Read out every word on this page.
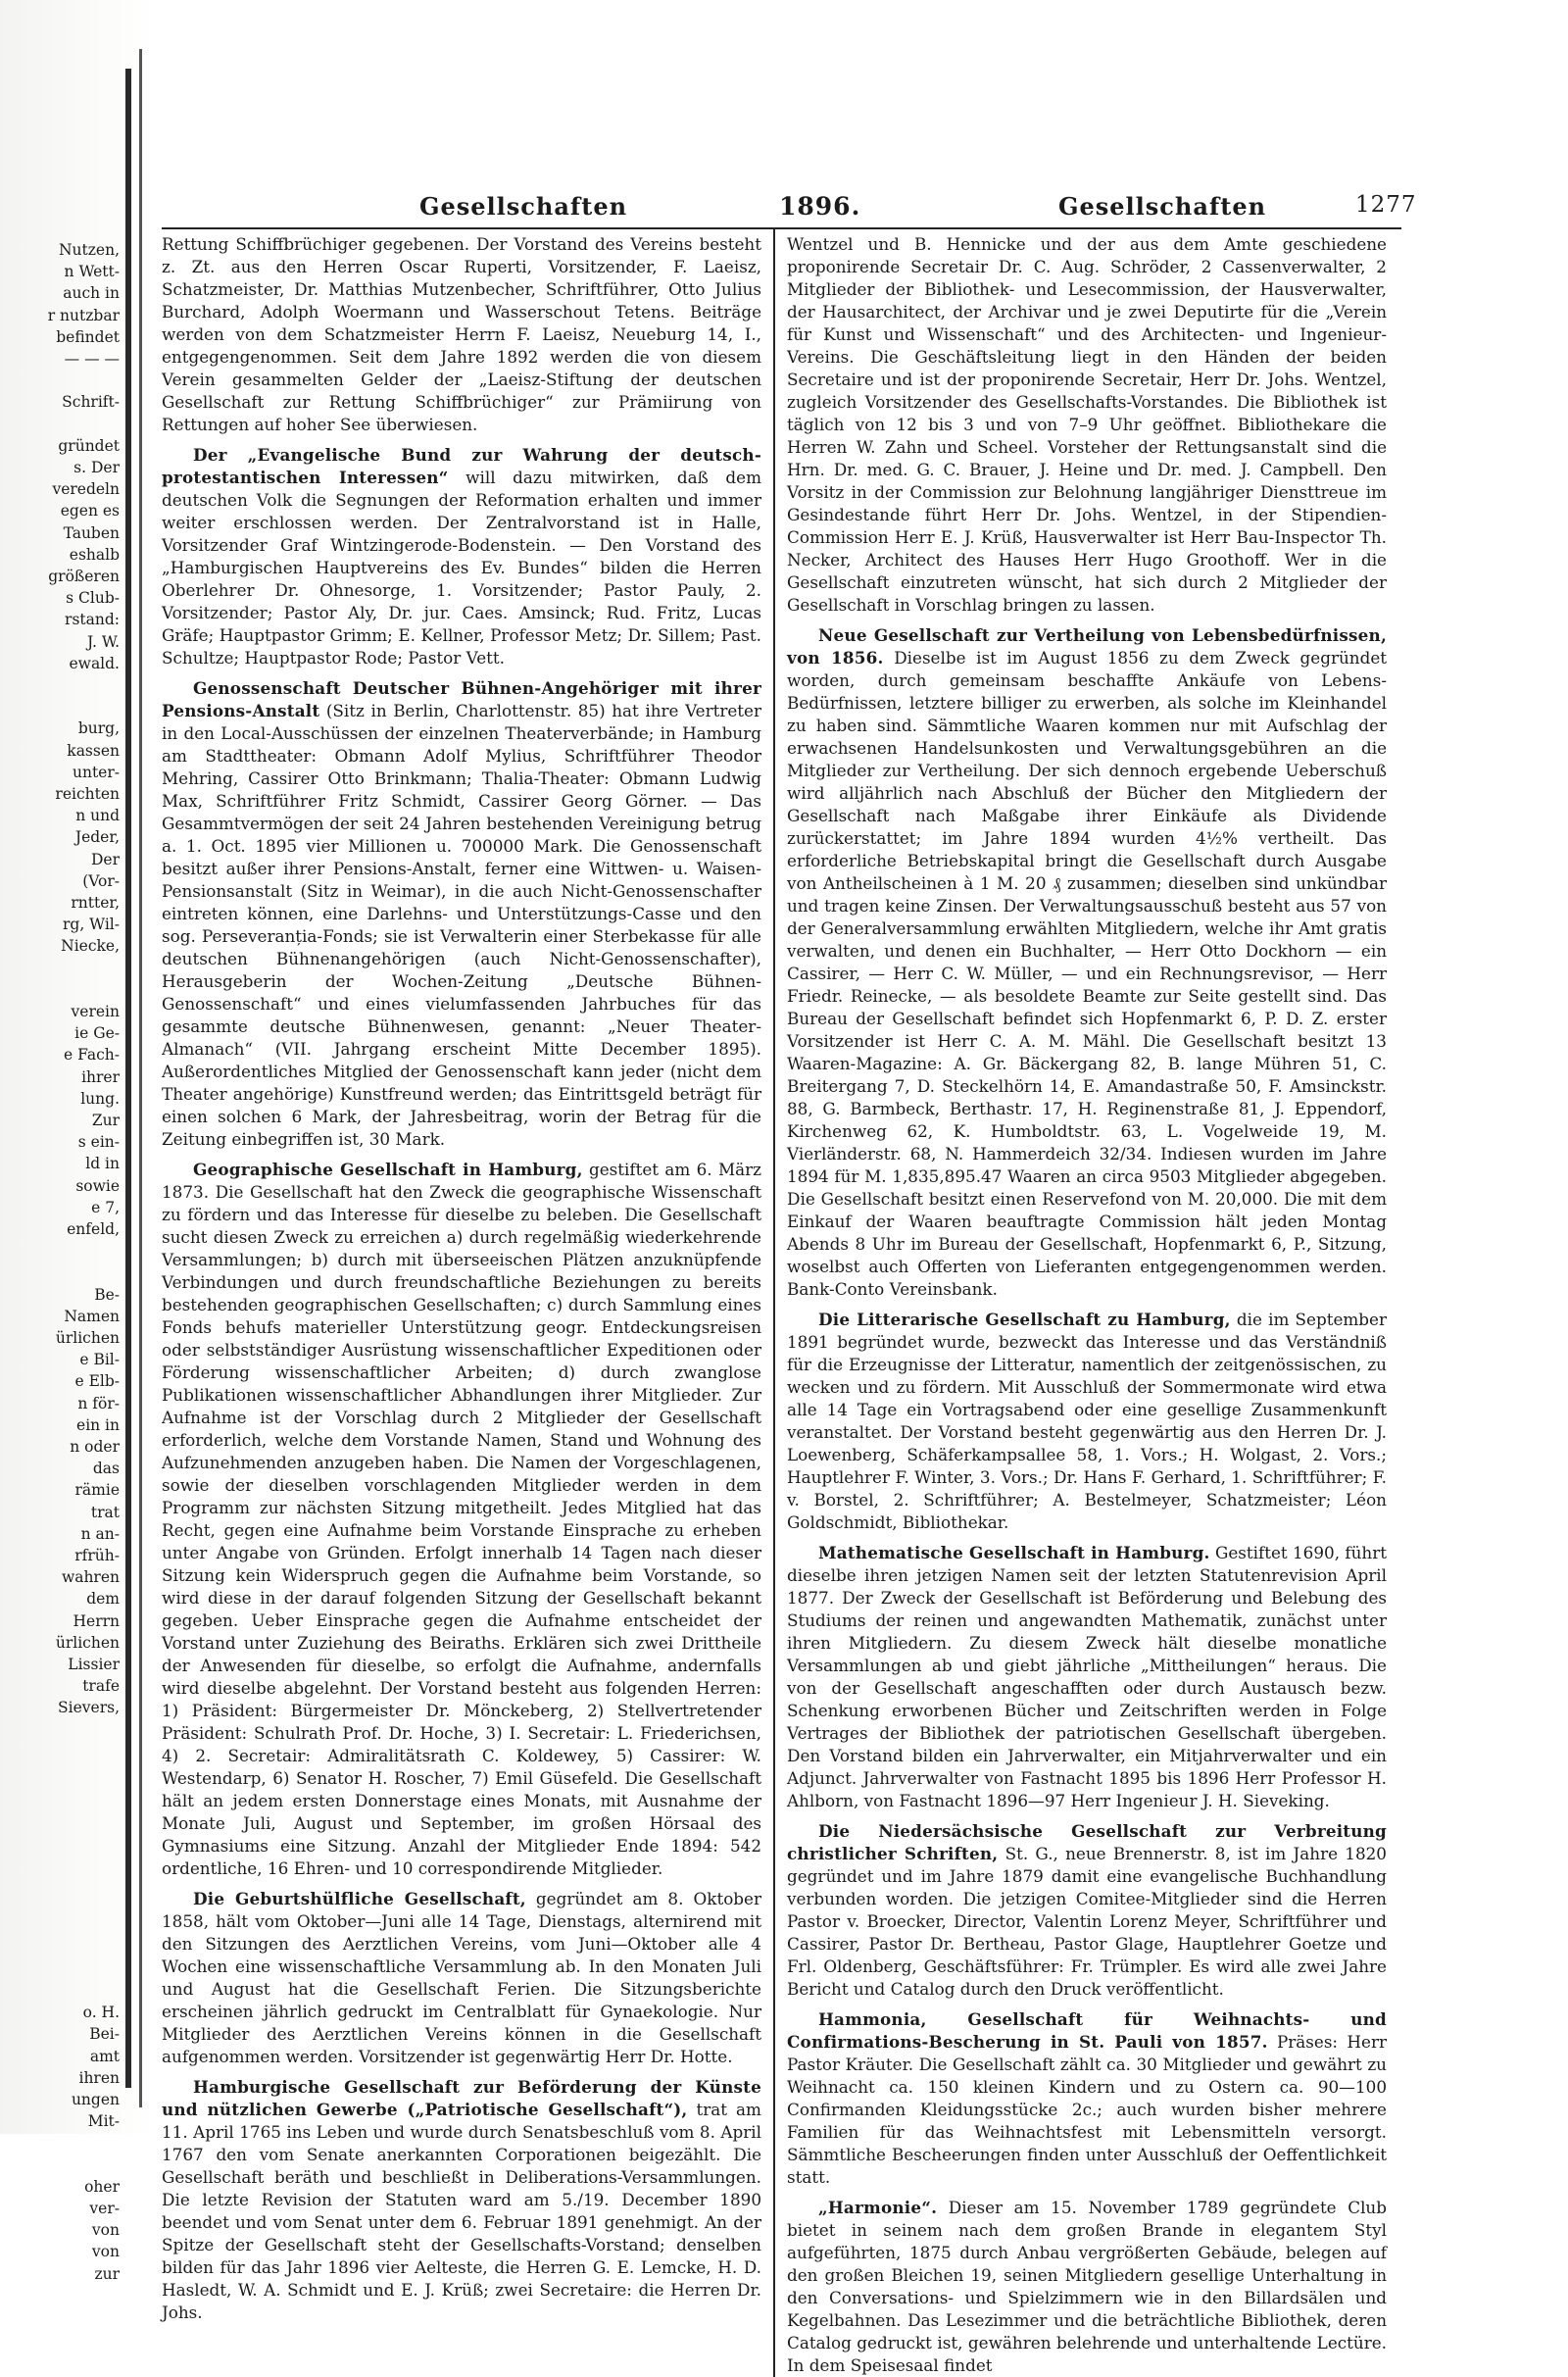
Nutzen,
n Wett-
auch in
r nutzbar
befindet
— — —
Schrift-
gründet
s. Der
veredeln
egen es
Tauben
eshalb
größeren
s Club-
rstand:
J. W.
ewald.
burg,
kassen
unter-
reichten
n und
Jeder,
Der
(Vor-
rntter,
rg, Wil-
Niecke,
verein
ie Ge-
e Fach-
ihrer
lung.
Zur
s ein-
ld in
sowie
e 7,
enfeld,
Be-
Namen
ürlichen
e Bil-
e Elb-
n för-
ein in
n oder
das
rämie
trat
n an-
rfrüh-
wahren
dem
Herrn
ürlichen
Lissier
trafe
Sievers,
o. H.
Bei-
amt
ihren
ungen
Mit-
oher
ver-
von
von
zur
Gesellschaften	1896.	Gesellschaften	1277

Rettung Schiffbrüchiger gegebenen. Der Vorstand des Vereins besteht z. Zt. aus den Herren Oscar Ruperti, Vorsitzender, F. Laeisz, Schatzmeister, Dr. Matthias Mutzenbecher, Schriftführer, Otto Julius Burchard, Adolph Woermann und Wasserschout Tetens. Beiträge werden von dem Schatzmeister Herrn F. Laeisz, Neueburg 14, I., entgegengenommen. Seit dem Jahre 1892 werden die von diesem Verein gesammelten Gelder der „Laeisz-Stiftung der deutschen Gesellschaft zur Rettung Schiffbrüchiger“ zur Prämiirung von Rettungen auf hoher See überwiesen.

Der „Evangelische Bund zur Wahrung der deutsch-protestantischen Interessen“ will dazu mitwirken, daß dem deutschen Volk die Segnungen der Reformation erhalten und immer weiter erschlossen werden. Der Zentralvorstand ist in Halle, Vorsitzender Graf Wintzingerode-Bodenstein. — Den Vorstand des „Hamburgischen Hauptvereins des Ev. Bundes“ bilden die Herren Oberlehrer Dr. Ohnesorge, 1. Vorsitzender; Pastor Pauly, 2. Vorsitzender; Pastor Aly, Dr. jur. Caes. Amsinck; Rud. Fritz, Lucas Gräfe; Hauptpastor Grimm; E. Kellner, Professor Metz; Dr. Sillem; Past. Schultze; Hauptpastor Rode; Pastor Vett.

Genossenschaft Deutscher Bühnen-Angehöriger mit ihrer Pensions-Anstalt (Sitz in Berlin, Charlottenstr. 85) hat ihre Vertreter in den Local-Ausschüssen der einzelnen Theaterverbände; in Hamburg am Stadttheater: Obmann Adolf Mylius, Schriftführer Theodor Mehring, Cassirer Otto Brinkmann; Thalia-Theater: Obmann Ludwig Max, Schriftführer Fritz Schmidt, Cassirer Georg Görner. — Das Gesammtvermögen der seit 24 Jahren bestehenden Vereinigung betrug a. 1. Oct. 1895 vier Millionen u. 700000 Mark. Die Genossenschaft besitzt außer ihrer Pensions-Anstalt, ferner eine Wittwen- u. Waisen-Pensionsanstalt (Sitz in Weimar), in die auch Nicht-Genossenschafter eintreten können, eine Darlehns- und Unterstützungs-Casse und den sog. Perseveranția-Fonds; sie ist Verwalterin einer Sterbekasse für alle deutschen Bühnenangehörigen (auch Nicht-Genossenschafter), Herausgeberin der Wochen-Zeitung „Deutsche Bühnen-Genossenschaft“ und eines vielumfassenden Jahrbuches für das gesammte deutsche Bühnenwesen, genannt: „Neuer Theater-Almanach“ (VII. Jahrgang erscheint Mitte December 1895). Außerordentliches Mitglied der Genossenschaft kann jeder (nicht dem Theater angehörige) Kunstfreund werden; das Eintrittsgeld beträgt für einen solchen 6 Mark, der Jahresbeitrag, worin der Betrag für die Zeitung einbegriffen ist, 30 Mark.

Geographische Gesellschaft in Hamburg, gestiftet am 6. März 1873. Die Gesellschaft hat den Zweck die geographische Wissenschaft zu fördern und das Interesse für dieselbe zu beleben. Die Gesellschaft sucht diesen Zweck zu erreichen a) durch regelmäßig wiederkehrende Versammlungen; b) durch mit überseeischen Plätzen anzuknüpfende Verbindungen und durch freundschaftliche Beziehungen zu bereits bestehenden geographischen Gesellschaften; c) durch Sammlung eines Fonds behufs materieller Unterstützung geogr. Entdeckungsreisen oder selbstständiger Ausrüstung wissenschaftlicher Expeditionen oder Förderung wissenschaftlicher Arbeiten; d) durch zwanglose Publikationen wissenschaftlicher Abhandlungen ihrer Mitglieder. Zur Aufnahme ist der Vorschlag durch 2 Mitglieder der Gesellschaft erforderlich, welche dem Vorstande Namen, Stand und Wohnung des Aufzunehmenden anzugeben haben. Die Namen der Vorgeschlagenen, sowie der dieselben vorschlagenden Mitglieder werden in dem Programm zur nächsten Sitzung mitgetheilt. Jedes Mitglied hat das Recht, gegen eine Aufnahme beim Vorstande Einsprache zu erheben unter Angabe von Gründen. Erfolgt innerhalb 14 Tagen nach dieser Sitzung kein Widerspruch gegen die Aufnahme beim Vorstande, so wird diese in der darauf folgenden Sitzung der Gesellschaft bekannt gegeben. Ueber Einsprache gegen die Aufnahme entscheidet der Vorstand unter Zuziehung des Beiraths. Erklären sich zwei Drittheile der Anwesenden für dieselbe, so erfolgt die Aufnahme, andernfalls wird dieselbe abgelehnt. Der Vorstand besteht aus folgenden Herren: 1) Präsident: Bürgermeister Dr. Mönckeberg, 2) Stellvertretender Präsident: Schulrath Prof. Dr. Hoche, 3) I. Secretair: L. Friederichsen, 4) 2. Secretair: Admiralitätsrath C. Koldewey, 5) Cassirer: W. Westendarp, 6) Senator H. Roscher, 7) Emil Güsefeld. Die Gesellschaft hält an jedem ersten Donnerstage eines Monats, mit Ausnahme der Monate Juli, August und September, im großen Hörsaal des Gymnasiums eine Sitzung. Anzahl der Mitglieder Ende 1894: 542 ordentliche, 16 Ehren- und 10 correspondirende Mitglieder.

Die Geburtshülfliche Gesellschaft, gegründet am 8. Oktober 1858, hält vom Oktober—Juni alle 14 Tage, Dienstags, alternirend mit den Sitzungen des Aerztlichen Vereins, vom Juni—Oktober alle 4 Wochen eine wissenschaftliche Versammlung ab. In den Monaten Juli und August hat die Gesellschaft Ferien. Die Sitzungsberichte erscheinen jährlich gedruckt im Centralblatt für Gynaekologie. Nur Mitglieder des Aerztlichen Vereins können in die Gesellschaft aufgenommen werden. Vorsitzender ist gegenwärtig Herr Dr. Hotte.

Hamburgische Gesellschaft zur Beförderung der Künste und nützlichen Gewerbe („Patriotische Gesellschaft“), trat am 11. April 1765 ins Leben und wurde durch Senatsbeschluß vom 8. April 1767 den vom Senate anerkannten Corporationen beigezählt. Die Gesellschaft beräth und beschließt in Deliberations-Versammlungen. Die letzte Revision der Statuten ward am 5./19. December 1890 beendet und vom Senat unter dem 6. Februar 1891 genehmigt. An der Spitze der Gesellschaft steht der Gesellschafts-Vorstand; denselben bilden für das Jahr 1896 vier Aelteste, die Herren G. E. Lemcke, H. D. Hasledt, W. A. Schmidt und E. J. Krüß; zwei Secretaire: die Herren Dr. Johs.

Wentzel und B. Hennicke und der aus dem Amte geschiedene proponirende Secretair Dr. C. Aug. Schröder, 2 Cassenverwalter, 2 Mitglieder der Bibliothek- und Lesecommission, der Hausverwalter, der Hausarchitect, der Archivar und je zwei Deputirte für die „Verein für Kunst und Wissenschaft“ und des Architecten- und Ingenieur-Vereins. Die Geschäftsleitung liegt in den Händen der beiden Secretaire und ist der proponirende Secretair, Herr Dr. Johs. Wentzel, zugleich Vorsitzender des Gesellschafts-Vorstandes. Die Bibliothek ist täglich von 12 bis 3 und von 7–9 Uhr geöffnet. Bibliothekare die Herren W. Zahn und Scheel. Vorsteher der Rettungsanstalt sind die Hrn. Dr. med. G. C. Brauer, J. Heine und Dr. med. J. Campbell. Den Vorsitz in der Commission zur Belohnung langjähriger Diensttreue im Gesindestande führt Herr Dr. Johs. Wentzel, in der Stipendien-Commission Herr E. J. Krüß, Hausverwalter ist Herr Bau-Inspector Th. Necker, Architect des Hauses Herr Hugo Groothoff. Wer in die Gesellschaft einzutreten wünscht, hat sich durch 2 Mitglieder der Gesellschaft in Vorschlag bringen zu lassen.

Neue Gesellschaft zur Vertheilung von Lebensbedürfnissen, von 1856. Dieselbe ist im August 1856 zu dem Zweck gegründet worden, durch gemeinsam beschaffte Ankäufe von Lebens-Bedürfnissen, letztere billiger zu erwerben, als solche im Kleinhandel zu haben sind. Sämmtliche Waaren kommen nur mit Aufschlag der erwachsenen Handelsunkosten und Verwaltungsgebühren an die Mitglieder zur Vertheilung. Der sich dennoch ergebende Ueberschuß wird alljährlich nach Abschluß der Bücher den Mitgliedern der Gesellschaft nach Maßgabe ihrer Einkäufe als Dividende zurückerstattet; im Jahre 1894 wurden 4½% vertheilt. Das erforderliche Betriebskapital bringt die Gesellschaft durch Ausgabe von Antheilscheinen à 1 M. 20 ₰ zusammen; dieselben sind unkündbar und tragen keine Zinsen. Der Verwaltungsausschuß besteht aus 57 von der Generalversammlung erwählten Mitgliedern, welche ihr Amt gratis verwalten, und denen ein Buchhalter, — Herr Otto Dockhorn — ein Cassirer, — Herr C. W. Müller, — und ein Rechnungsrevisor, — Herr Friedr. Reinecke, — als besoldete Beamte zur Seite gestellt sind. Das Bureau der Gesellschaft befindet sich Hopfenmarkt 6, P. D. Z. erster Vorsitzender ist Herr C. A. M. Mähl. Die Gesellschaft besitzt 13 Waaren-Magazine: A. Gr. Bäckergang 82, B. lange Mühren 51, C. Breitergang 7, D. Steckelhörn 14, E. Amandastraße 50, F. Amsinckstr. 88, G. Barmbeck, Berthastr. 17, H. Reginenstraße 81, J. Eppendorf, Kirchenweg 62, K. Humboldtstr. 63, L. Vogelweide 19, M. Vierländerstr. 68, N. Hammerdeich 32/34. Indiesen wurden im Jahre 1894 für M. 1,835,895.47 Waaren an circa 9503 Mitglieder abgegeben. Die Gesellschaft besitzt einen Reservefond von M. 20,000. Die mit dem Einkauf der Waaren beauftragte Commission hält jeden Montag Abends 8 Uhr im Bureau der Gesellschaft, Hopfenmarkt 6, P., Sitzung, woselbst auch Offerten von Lieferanten entgegengenommen werden. Bank-Conto Vereinsbank.

Die Litterarische Gesellschaft zu Hamburg, die im September 1891 begründet wurde, bezweckt das Interesse und das Verständniß für die Erzeugnisse der Litteratur, namentlich der zeitgenössischen, zu wecken und zu fördern. Mit Ausschluß der Sommermonate wird etwa alle 14 Tage ein Vortragsabend oder eine gesellige Zusammenkunft veranstaltet. Der Vorstand besteht gegenwärtig aus den Herren Dr. J. Loewenberg, Schäferkampsallee 58, 1. Vors.; H. Wolgast, 2. Vors.; Hauptlehrer F. Winter, 3. Vors.; Dr. Hans F. Gerhard, 1. Schriftführer; F. v. Borstel, 2. Schriftführer; A. Bestelmeyer, Schatzmeister; Léon Goldschmidt, Bibliothekar.

Mathematische Gesellschaft in Hamburg. Gestiftet 1690, führt dieselbe ihren jetzigen Namen seit der letzten Statutenrevision April 1877. Der Zweck der Gesellschaft ist Beförderung und Belebung des Studiums der reinen und angewandten Mathematik, zunächst unter ihren Mitgliedern. Zu diesem Zweck hält dieselbe monatliche Versammlungen ab und giebt jährliche „Mittheilungen“ heraus. Die von der Gesellschaft angeschafften oder durch Austausch bezw. Schenkung erworbenen Bücher und Zeitschriften werden in Folge Vertrages der Bibliothek der patriotischen Gesellschaft übergeben. Den Vorstand bilden ein Jahrverwalter, ein Mitjahrverwalter und ein Adjunct. Jahrverwalter von Fastnacht 1895 bis 1896 Herr Professor H. Ahlborn, von Fastnacht 1896—97 Herr Ingenieur J. H. Sieveking.

Die Niedersächsische Gesellschaft zur Verbreitung christlicher Schriften, St. G., neue Brennerstr. 8, ist im Jahre 1820 gegründet und im Jahre 1879 damit eine evangelische Buchhandlung verbunden worden. Die jetzigen Comitee-Mitglieder sind die Herren Pastor v. Broecker, Director, Valentin Lorenz Meyer, Schriftführer und Cassirer, Pastor Dr. Bertheau, Pastor Glage, Hauptlehrer Goetze und Frl. Oldenberg, Geschäftsführer: Fr. Trümpler. Es wird alle zwei Jahre Bericht und Catalog durch den Druck veröffentlicht.

Hammonia, Gesellschaft für Weihnachts- und Confirmations-Bescherung in St. Pauli von 1857. Präses: Herr Pastor Kräuter. Die Gesellschaft zählt ca. 30 Mitglieder und gewährt zu Weihnacht ca. 150 kleinen Kindern und zu Ostern ca. 90—100 Confirmanden Kleidungsstücke 2c.; auch wurden bisher mehrere Familien für das Weihnachtsfest mit Lebensmitteln versorgt. Sämmtliche Bescheerungen finden unter Ausschluß der Oeffentlichkeit statt.

„Harmonie“. Dieser am 15. November 1789 gegründete Club bietet in seinem nach dem großen Brande in elegantem Styl aufgeführten, 1875 durch Anbau vergrößerten Gebäude, belegen auf den großen Bleichen 19, seinen Mitgliedern gesellige Unterhaltung in den Conversations- und Spielzimmern wie in den Billardsälen und Kegelbahnen. Das Lesezimmer und die beträchtliche Bibliothek, deren Catalog gedruckt ist, gewähren belehrende und unterhaltende Lectüre. In dem Speisesaal findet
